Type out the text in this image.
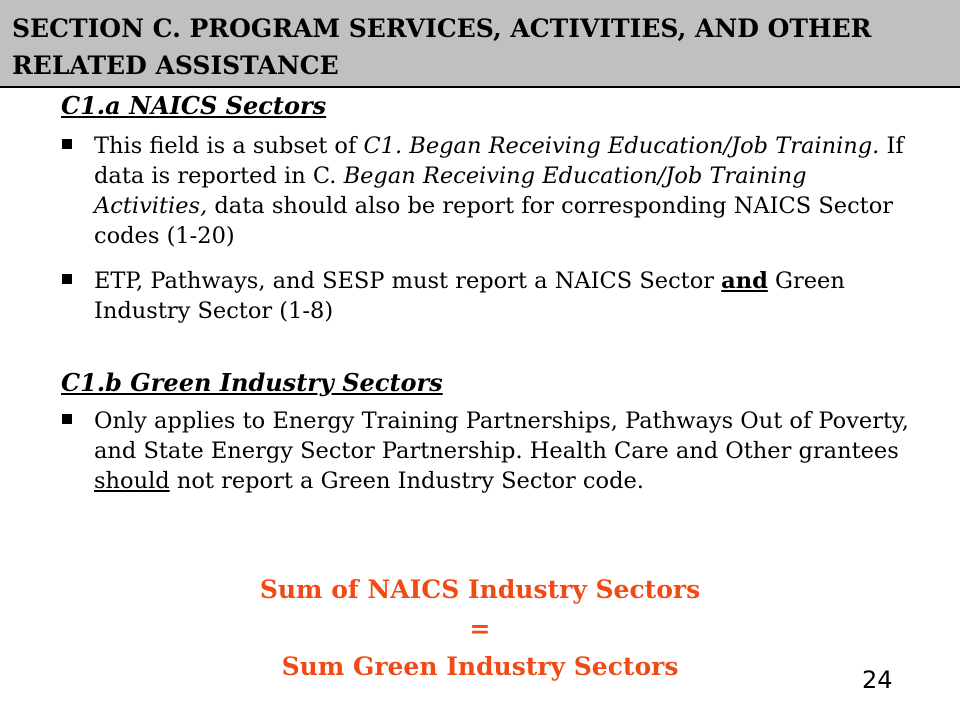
SECTION C. PROGRAM SERVICES, ACTIVITIES, AND OTHER RELATED ASSISTANCE
C1.a NAICS Sectors

This field is a subset of C1. Began Receiving Education/Job Training. If data is reported in C. Began Receiving Education/Job Training Activities, data should also be report for corresponding NAICS Sector codes (1-20)

ETP, Pathways, and SESP must report a NAICS Sector and Green Industry Sector (1-8)

C1.b Green Industry Sectors

Only applies to Energy Training Partnerships, Pathways Out of Poverty, and State Energy Sector Partnership. Health Care and Other grantees should not report a Green Industry Sector code.

Sum of NAICS Industry Sectors
=
Sum Green Industry Sectors	24
